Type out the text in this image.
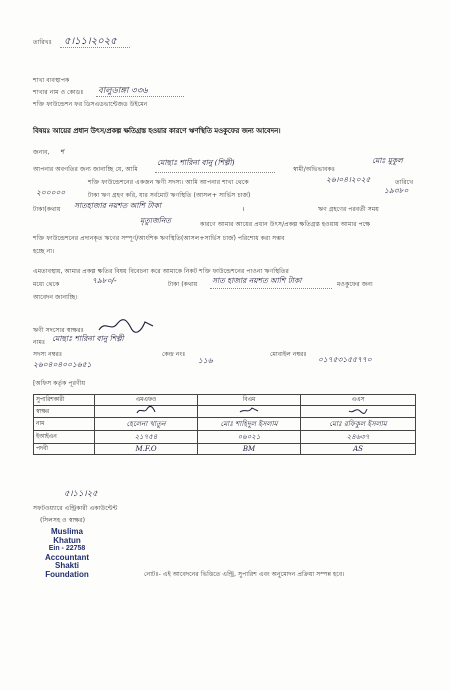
তারিখঃ ৫।১১।২০২৫
শাখা ব্যবস্থাপক
শাখার নাম ও কোডঃ বালুডাঙ্গা ৩৩৬
শক্তি ফাউন্ডেশন ফর ডিসএডভান্টেজড উইমেন
বিষয়ঃ আয়ের প্রধান উৎস/প্রকল্প ক্ষতিগ্রস্ত হওয়ার কারণে ঋণস্থিতি মওকুফের জন্য আবেদন।
শ
জনাব,
আপনার অবগতির জন্য জানাচ্ছি যে, আমি
মোছাঃ শারিনা বানু (শিল্পী)
স্বামী/অভিভাবকঃ
মোঃ মুকুল
শক্তি ফাউন্ডেশনের একজন ঋণী সদস্য। আমি আপনার শাখা থেকে	২৬।০৪।২০২৫	তারিখে
২০০০০০	টাকা ঋণ গ্রহণ করি, যার সর্বমোট ঋণস্থিতি (আসল+ সার্ভিস চার্জ)
১৯৩৮০
টাকা(কথায় সাতহাজার নয়শত আশি টাকা	।	ঋণ গ্রহণের পরবর্তী সময়
মৃত্যুজনিত	কারণে আমার আয়ের প্রধান উৎস/প্রকল্প ক্ষতিগ্রস্ত হওয়ায় আমার পক্ষে
শক্তি ফাউন্ডেশনের প্রদানকৃত ঋণের সম্পূর্ণ/আংশিক ঋণস্থিতি(আসল+সার্ভিস চার্জ) পরিশোধ করা সম্ভব
হচ্ছে না।
এমতাবস্থায়, আমার প্রকল্প ক্ষতির বিষয় বিবেচনা করে আমাকে নিকট শক্তি ফাউন্ডেশনের পাওনা ঋণস্থিতির
মধ্যে থেকে	৭৯৮০/-	টাকা (কথায় সাত হাজার নয়শত আশি টাকা	মওকুফের জন্য
আবেদন জানাচ্ছি।
ঋণী সদস্যের স্বাক্ষরঃ
নামঃ মোছাঃ শারিনা বানু শিল্পী
সদস্য নম্বরঃ
২৬০৪০৪০০১৬৫১
কেন্দ্র নংঃ
১১৬
মোবাইল নম্বরঃ
০১৭৫৩১৫৫৭৭০
[অফিস কর্তৃক পূরণীয়
সুপারিশকারী	এমএফও	বিএম	এএস
স্বাক্ষর			
নাম	হেলেনা খাতুন	মোঃ শাহিদুল ইসলাম	মোঃ রফিকুল ইসলাম
ইআইএন	২১৭৫৪	০৬০২১	২৪৬৩৭
পদবী	M.F.O	BM	AS
৫।১১।২৫
সফটওয়্যারে এন্ট্রিকারী একাউন্টেন্ট
(সিলসহ ও স্বাক্ষর)
Muslima Khatun
Ein - 22758
Accountant
Shakti Foundation	নোটঃ- এই আবেদনের ভিত্তিতে এন্ট্রি, সুপারিশ এবং অনুমোদন প্রক্রিয়া সম্পন্ন হবে।
